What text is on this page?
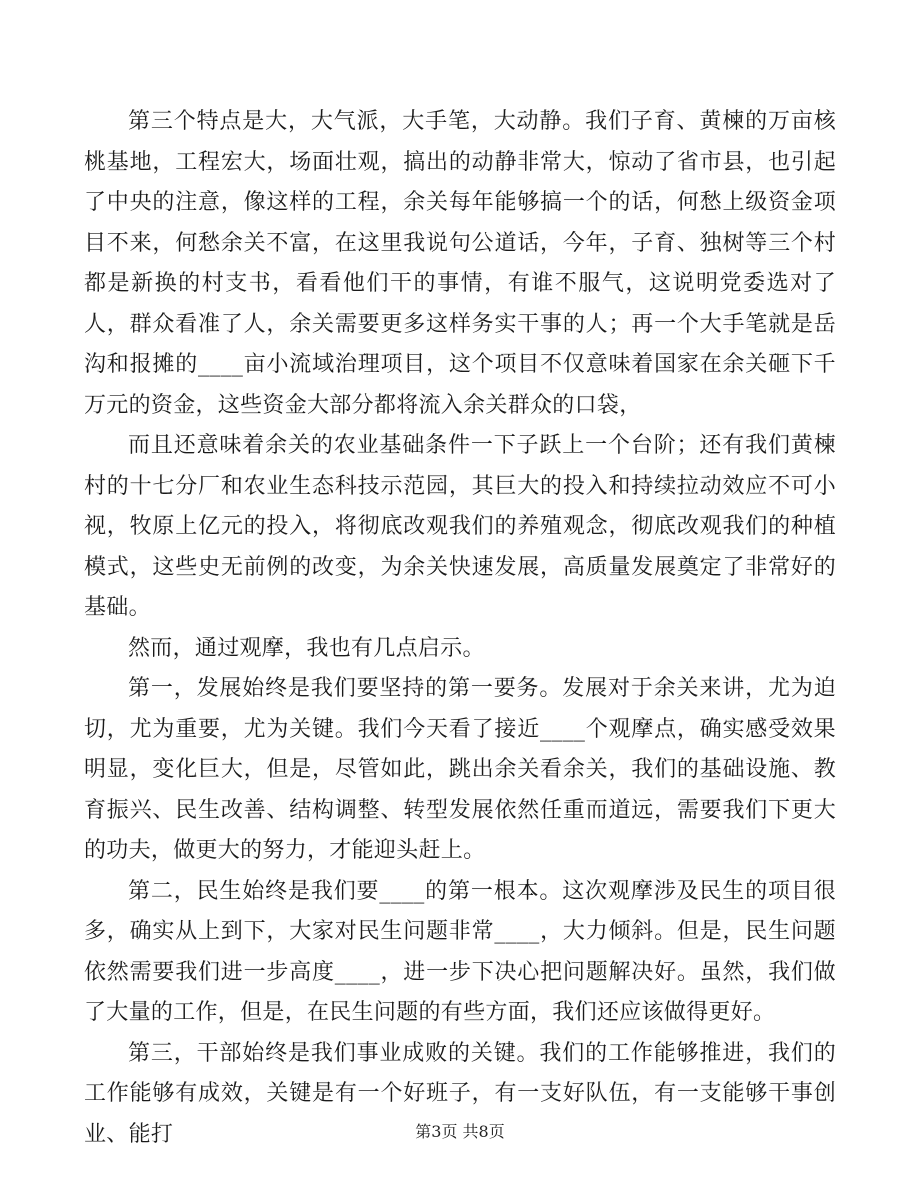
第三个特点是大，大气派，大手笔，大动静。我们子育、黄楝的万亩核桃基地，工程宏大，场面壮观，搞出的动静非常大，惊动了省市县，也引起了中央的注意，像这样的工程，余关每年能够搞一个的话，何愁上级资金项目不来，何愁余关不富，在这里我说句公道话，今年，子育、独树等三个村都是新换的村支书，看看他们干的事情，有谁不服气，这说明党委选对了人，群众看准了人，余关需要更多这样务实干事的人；再一个大手笔就是岳沟和报摊的____亩小流域治理项目，这个项目不仅意味着国家在余关砸下千万元的资金，这些资金大部分都将流入余关群众的口袋，

而且还意味着余关的农业基础条件一下子跃上一个台阶；还有我们黄楝村的十七分厂和农业生态科技示范园，其巨大的投入和持续拉动效应不可小视，牧原上亿元的投入，将彻底改观我们的养殖观念，彻底改观我们的种植模式，这些史无前例的改变，为余关快速发展，高质量发展奠定了非常好的基础。

然而，通过观摩，我也有几点启示。

第一，发展始终是我们要坚持的第一要务。发展对于余关来讲，尤为迫切，尤为重要，尤为关键。我们今天看了接近____个观摩点，确实感受效果明显，变化巨大，但是，尽管如此，跳出余关看余关，我们的基础设施、教育振兴、民生改善、结构调整、转型发展依然任重而道远，需要我们下更大的功夫，做更大的努力，才能迎头赶上。

第二，民生始终是我们要____的第一根本。这次观摩涉及民生的项目很多，确实从上到下，大家对民生问题非常____，大力倾斜。但是，民生问题依然需要我们进一步高度____，进一步下决心把问题解决好。虽然，我们做了大量的工作，但是，在民生问题的有些方面，我们还应该做得更好。

第三，干部始终是我们事业成败的关键。我们的工作能够推进，我们的工作能够有成效，关键是有一个好班子，有一支好队伍，有一支能够干事创业、能打	第3页 共8页
